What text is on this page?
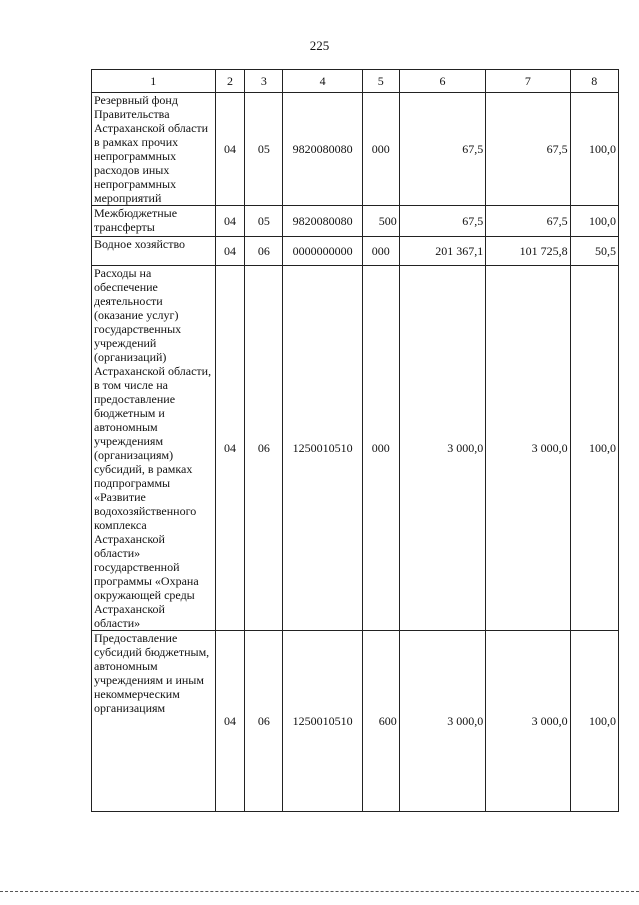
225
1	2	3	4	5	6	7	8
Резервный фонд Правительства Астраханской области в рамках прочих непрограммных расходов иных непрограммных мероприятий	04	05	9820080080	000	67,5	67,5	100,0
Межбюджетные трансферты	04	05	9820080080	500	67,5	67,5	100,0
Водное хозяйство	04	06	0000000000	000	201 367,1	101 725,8	50,5
Расходы на обеспечение деятельности (оказание услуг) государственных учреждений (организаций) Астраханской области, в том числе на предоставление бюджетным и автономным учреждениям (организациям) субсидий, в рамках подпрограммы «Развитие водохозяйственного комплекса Астраханской области» государственной программы «Охрана окружающей среды Астраханской области»	04	06	1250010510	000	3 000,0	3 000,0	100,0
Предоставление субсидий бюджетным, автономным учреждениям и иным некоммерческим организациям	04	06	1250010510	600	3 000,0	3 000,0	100,0
